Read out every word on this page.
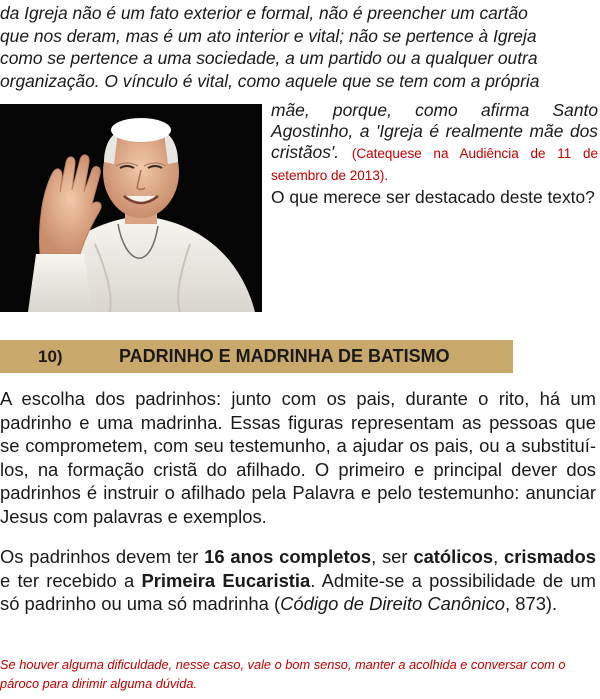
da Igreja não é um fato exterior e formal, não é preencher um cartão
que nos deram, mas é um ato interior e vital; não se pertence à Igreja
como se pertence a uma sociedade, a um partido ou a qualquer outra
organização. O vínculo é vital, como aquele que se tem com a própria
mãe, porque, como afirma Santo Agostinho, a 'Igreja é realmente mãe dos cristãos'. (Catequese na Audiência de 11 de setembro de 2013).
O que merece ser destacado deste texto?
10)	PADRINHO E MADRINHA DE BATISMO
A escolha dos padrinhos: junto com os pais, durante o rito, há um padrinho e uma madrinha. Essas figuras representam as pessoas que se comprometem, com seu testemunho, a ajudar os pais, ou a substituí-los, na formação cristã do afilhado. O primeiro e principal dever dos padrinhos é instruir o afilhado pela Palavra e pelo testemunho: anunciar Jesus com palavras e exemplos.
Os padrinhos devem ter 16 anos completos, ser católicos, crismados e ter recebido a Primeira Eucaristia. Admite-se a possibilidade de um só padrinho ou uma só madrinha (Código de Direito Canônico, 873).
Se houver alguma dificuldade, nesse caso, vale o bom senso, manter a acolhida e conversar com o pároco para dirimir alguma dúvida.
